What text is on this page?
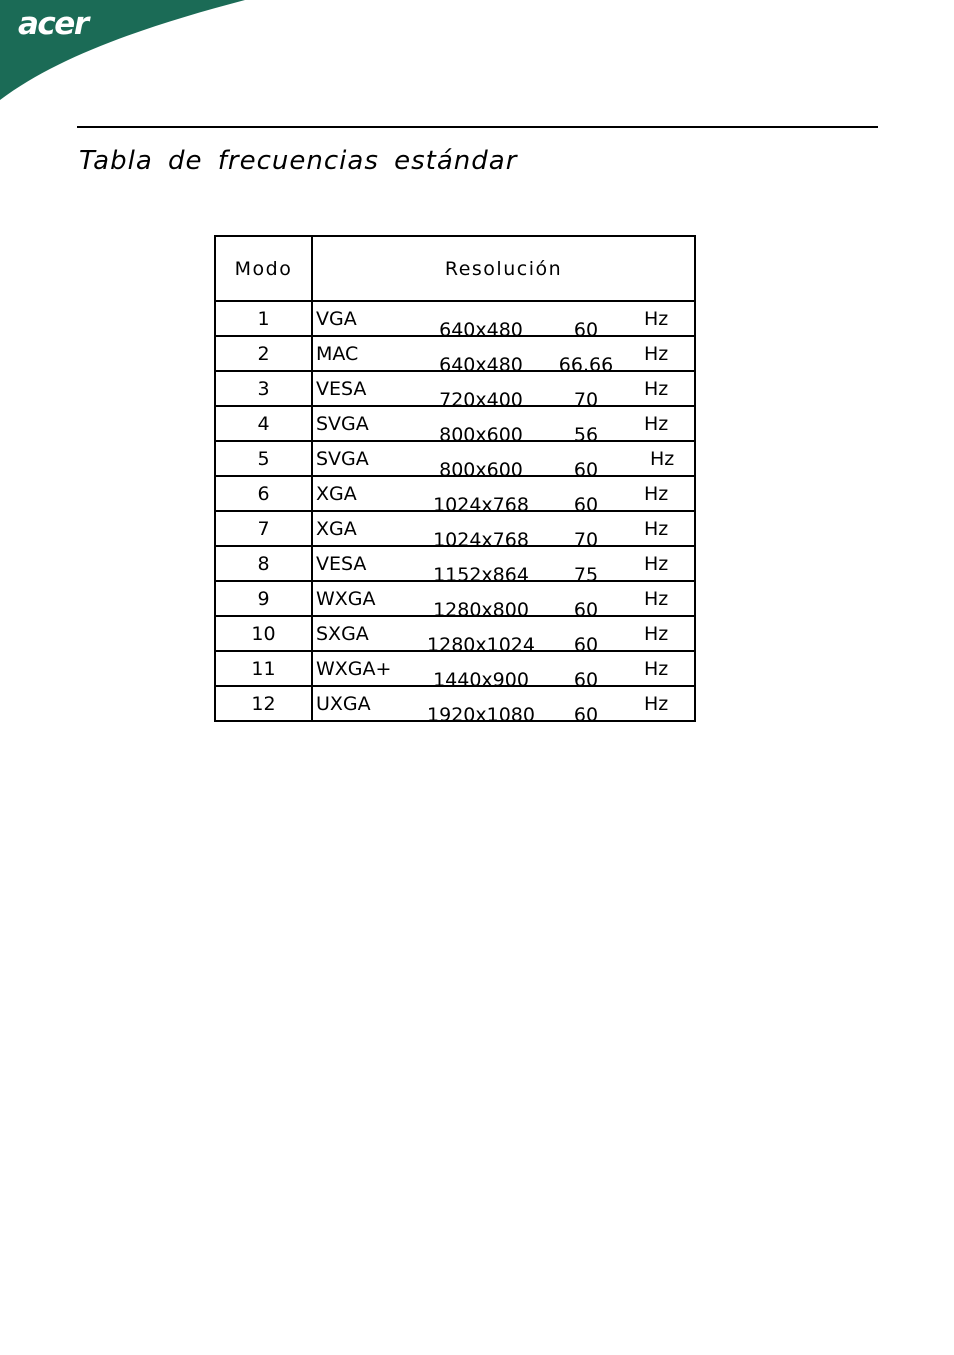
acer
Tabla de frecuencias estándar
Modo	Resolución
1	VGA 640x480 60 Hz

2	MAC 640x480 66.66 Hz

3	VESA 720x400 70 Hz

4	SVGA 800x600 56 Hz

5	SVGA 800x600 60 Hz

6	XGA 1024x768 60 Hz

7	XGA 1024x768 70 Hz

8	VESA 1152x864 75 Hz

9	WXGA 1280x800 60 Hz

10	SXGA 1280x1024 60 Hz

11	WXGA+ 1440x900 60 Hz

12	UXGA 1920x1080 60 Hz
